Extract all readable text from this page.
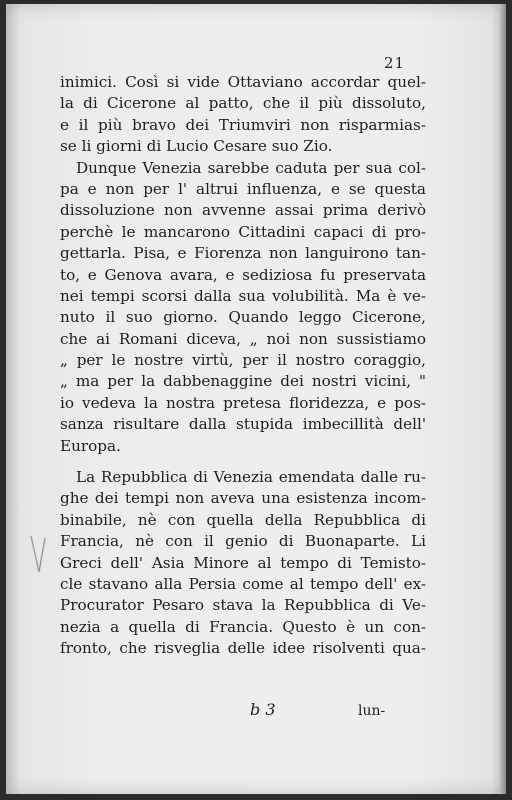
21
inimici. Così si vide Ottaviano accordar quel-
la di Cicerone al patto, che il più dissoluto,
e il più bravo dei Triumviri non risparmias-
se li giorni di Lucio Cesare suo Zio.
Dunque Venezia sarebbe caduta per sua col-
pa e non per l' altrui influenza, e se questa
dissoluzione non avvenne assai prima derivò
perchè le mancarono Cittadini capaci di pro-
gettarla. Pisa, e Fiorenza non languirono tan-
to, e Genova avara, e sediziosa fu preservata
nei tempi scorsi dalla sua volubilità. Ma è ve-
nuto il suo giorno. Quando leggo Cicerone,
che ai Romani diceva, „ noi non sussistiamo
„ per le nostre virtù, per il nostro coraggio,
„ ma per la dabbenaggine dei nostri vicini, "
io vedeva la nostra pretesa floridezza, e pos-
sanza risultare dalla stupida imbecillità dell'
Europa.
La Repubblica di Venezia emendata dalle ru-
ghe dei tempi non aveva una esistenza incom-
binabile, nè con quella della Repubblica di
Francia, nè con il genio di Buonaparte. Li
Greci dell' Asia Minore al tempo di Temisto-
cle stavano alla Persia come al tempo dell' ex-
Procurator Pesaro stava la Repubblica di Ve-
nezia a quella di Francia. Questo è un con-
fronto, che risveglia delle idee risolventi qua-
b 3	lun-
